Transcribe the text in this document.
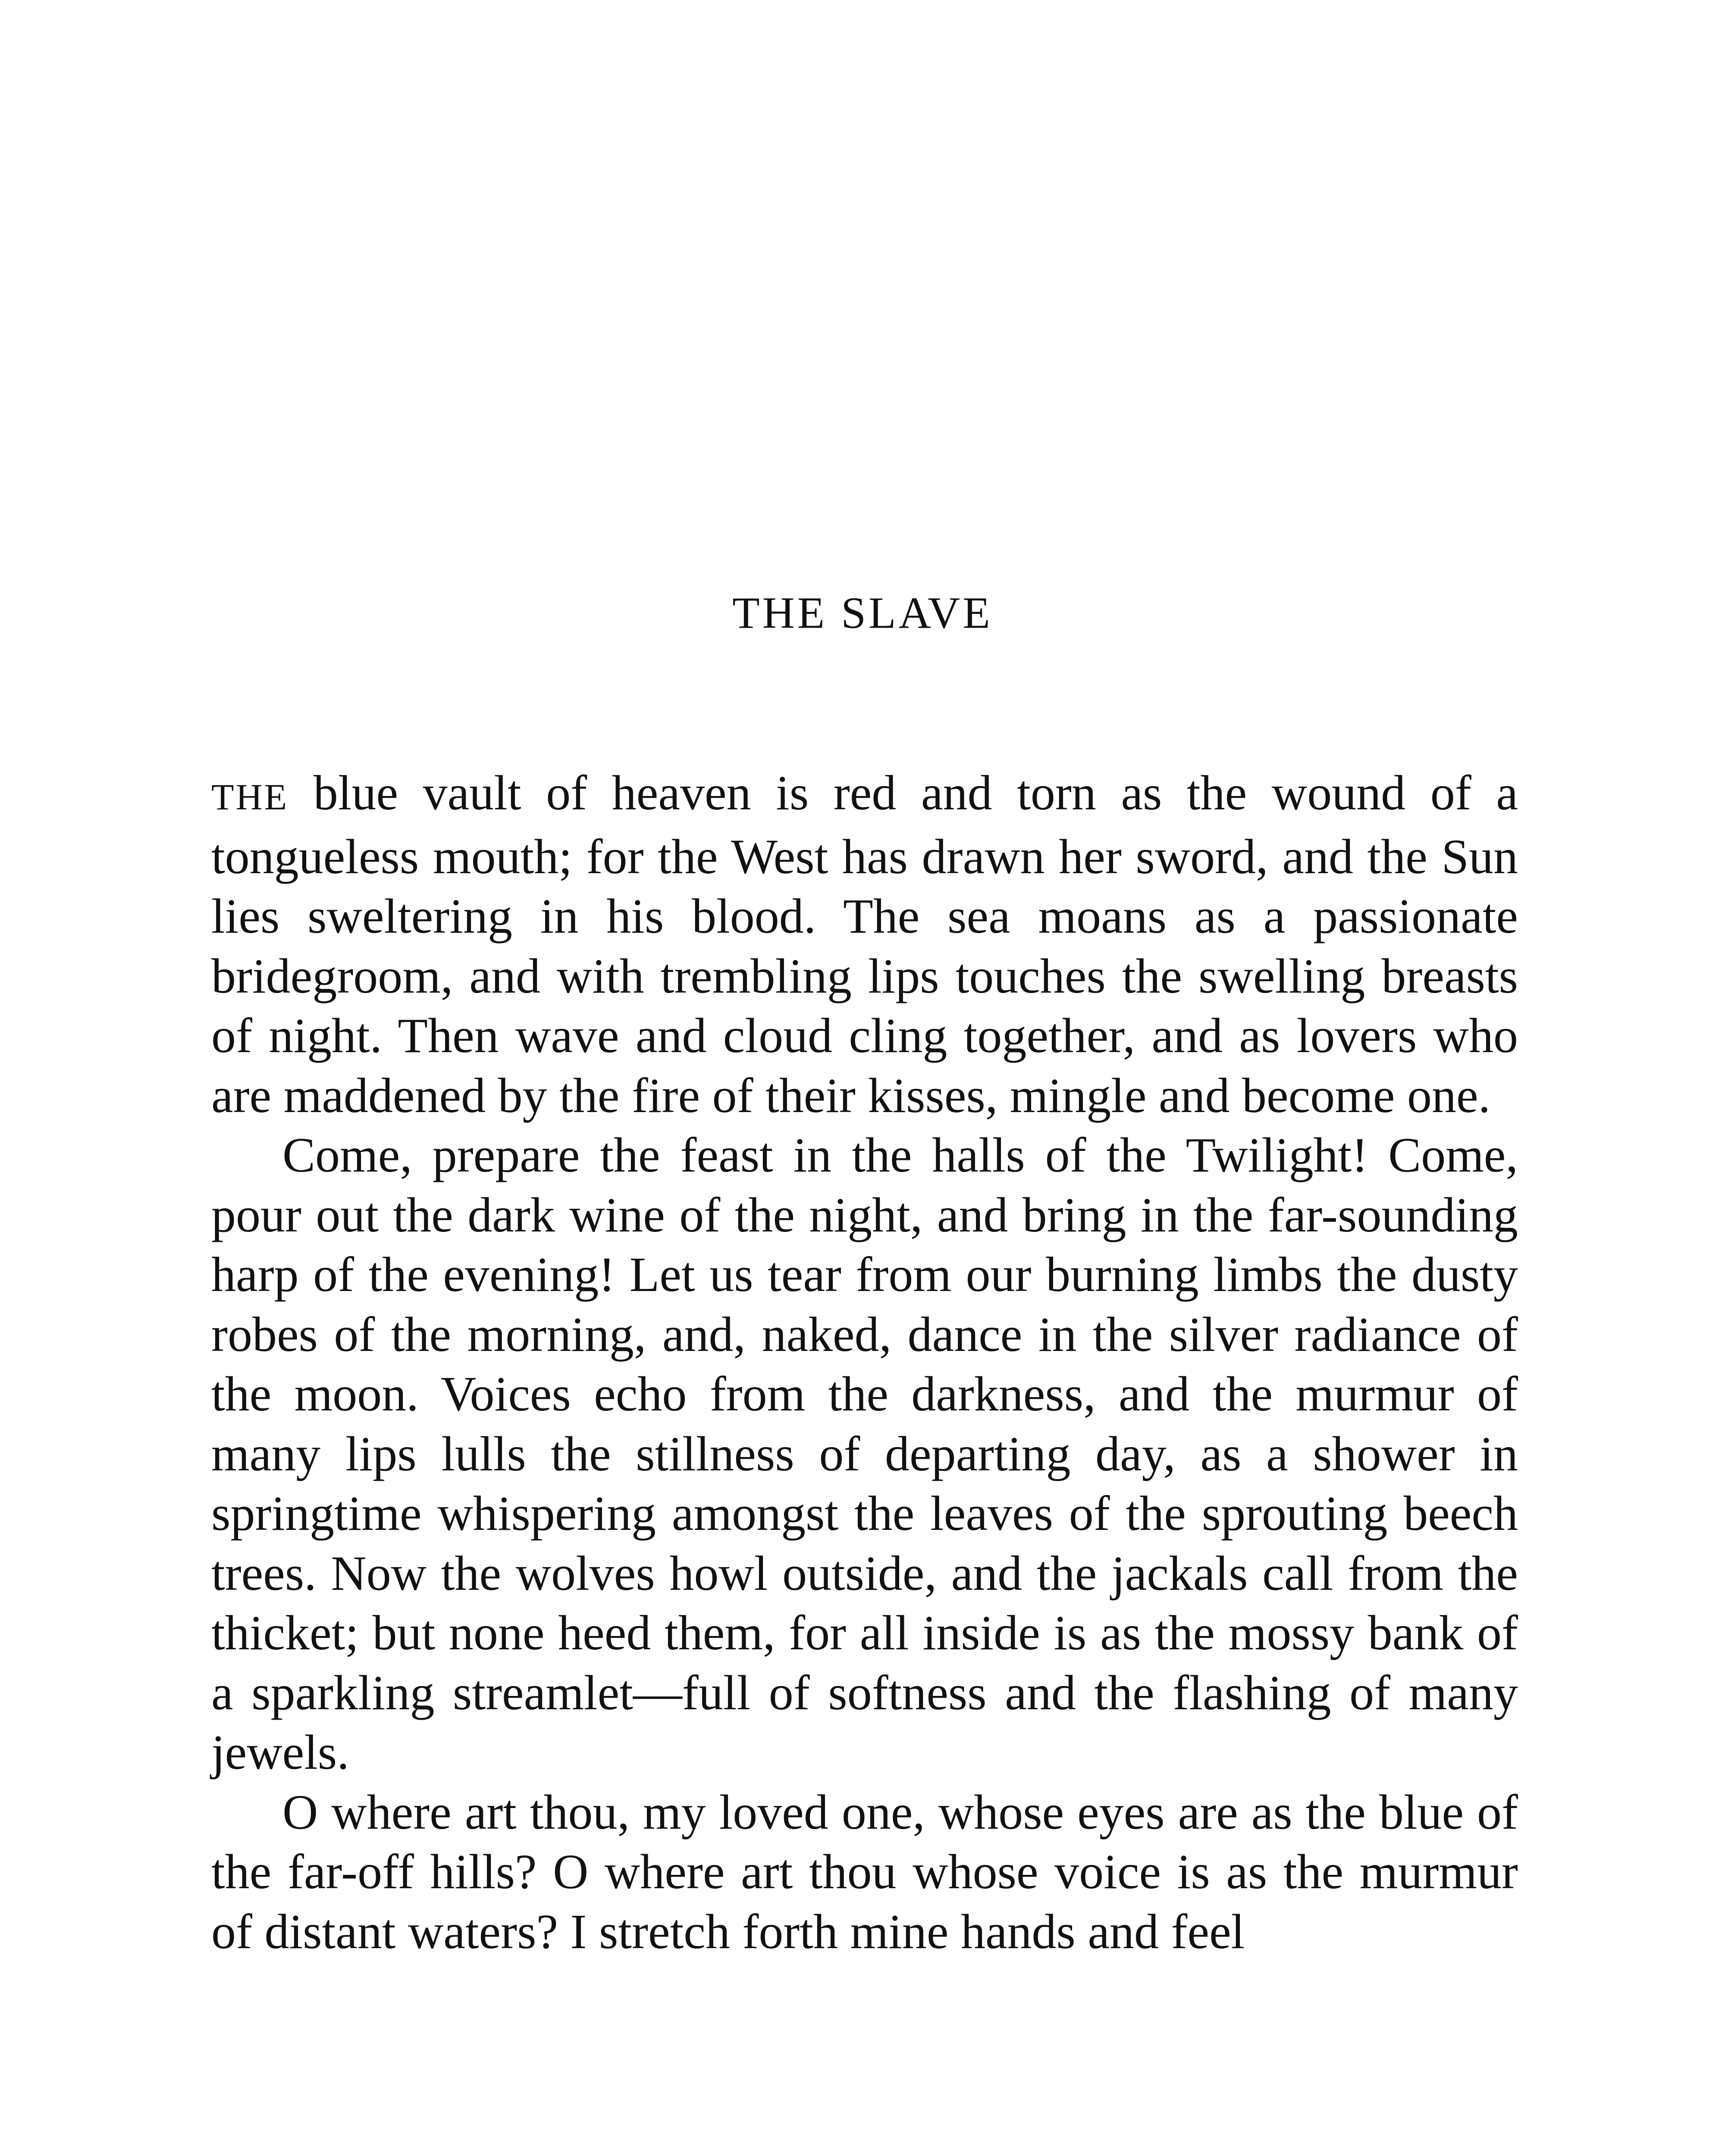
THE SLAVE

THE blue vault of heaven is red and torn as the wound of a tongueless mouth; for the West has drawn her sword, and the Sun lies sweltering in his blood. The sea moans as a passionate bridegroom, and with trembling lips touches the swelling breasts of night. Then wave and cloud cling together, and as lovers who are maddened by the fire of their kisses, mingle and become one.

Come, prepare the feast in the halls of the Twilight! Come, pour out the dark wine of the night, and bring in the far-sounding harp of the evening! Let us tear from our burning limbs the dusty robes of the morning, and, naked, dance in the silver radiance of the moon. Voices echo from the darkness, and the murmur of many lips lulls the stillness of departing day, as a shower in springtime whispering amongst the leaves of the sprouting beech trees. Now the wolves howl outside, and the jackals call from the thicket; but none heed them, for all inside is as the mossy bank of a sparkling streamlet—full of softness and the flashing of many jewels.

O where art thou, my loved one, whose eyes are as the blue of the far-off hills? O where art thou whose voice is as the murmur of distant waters? I stretch forth mine hands and feel
